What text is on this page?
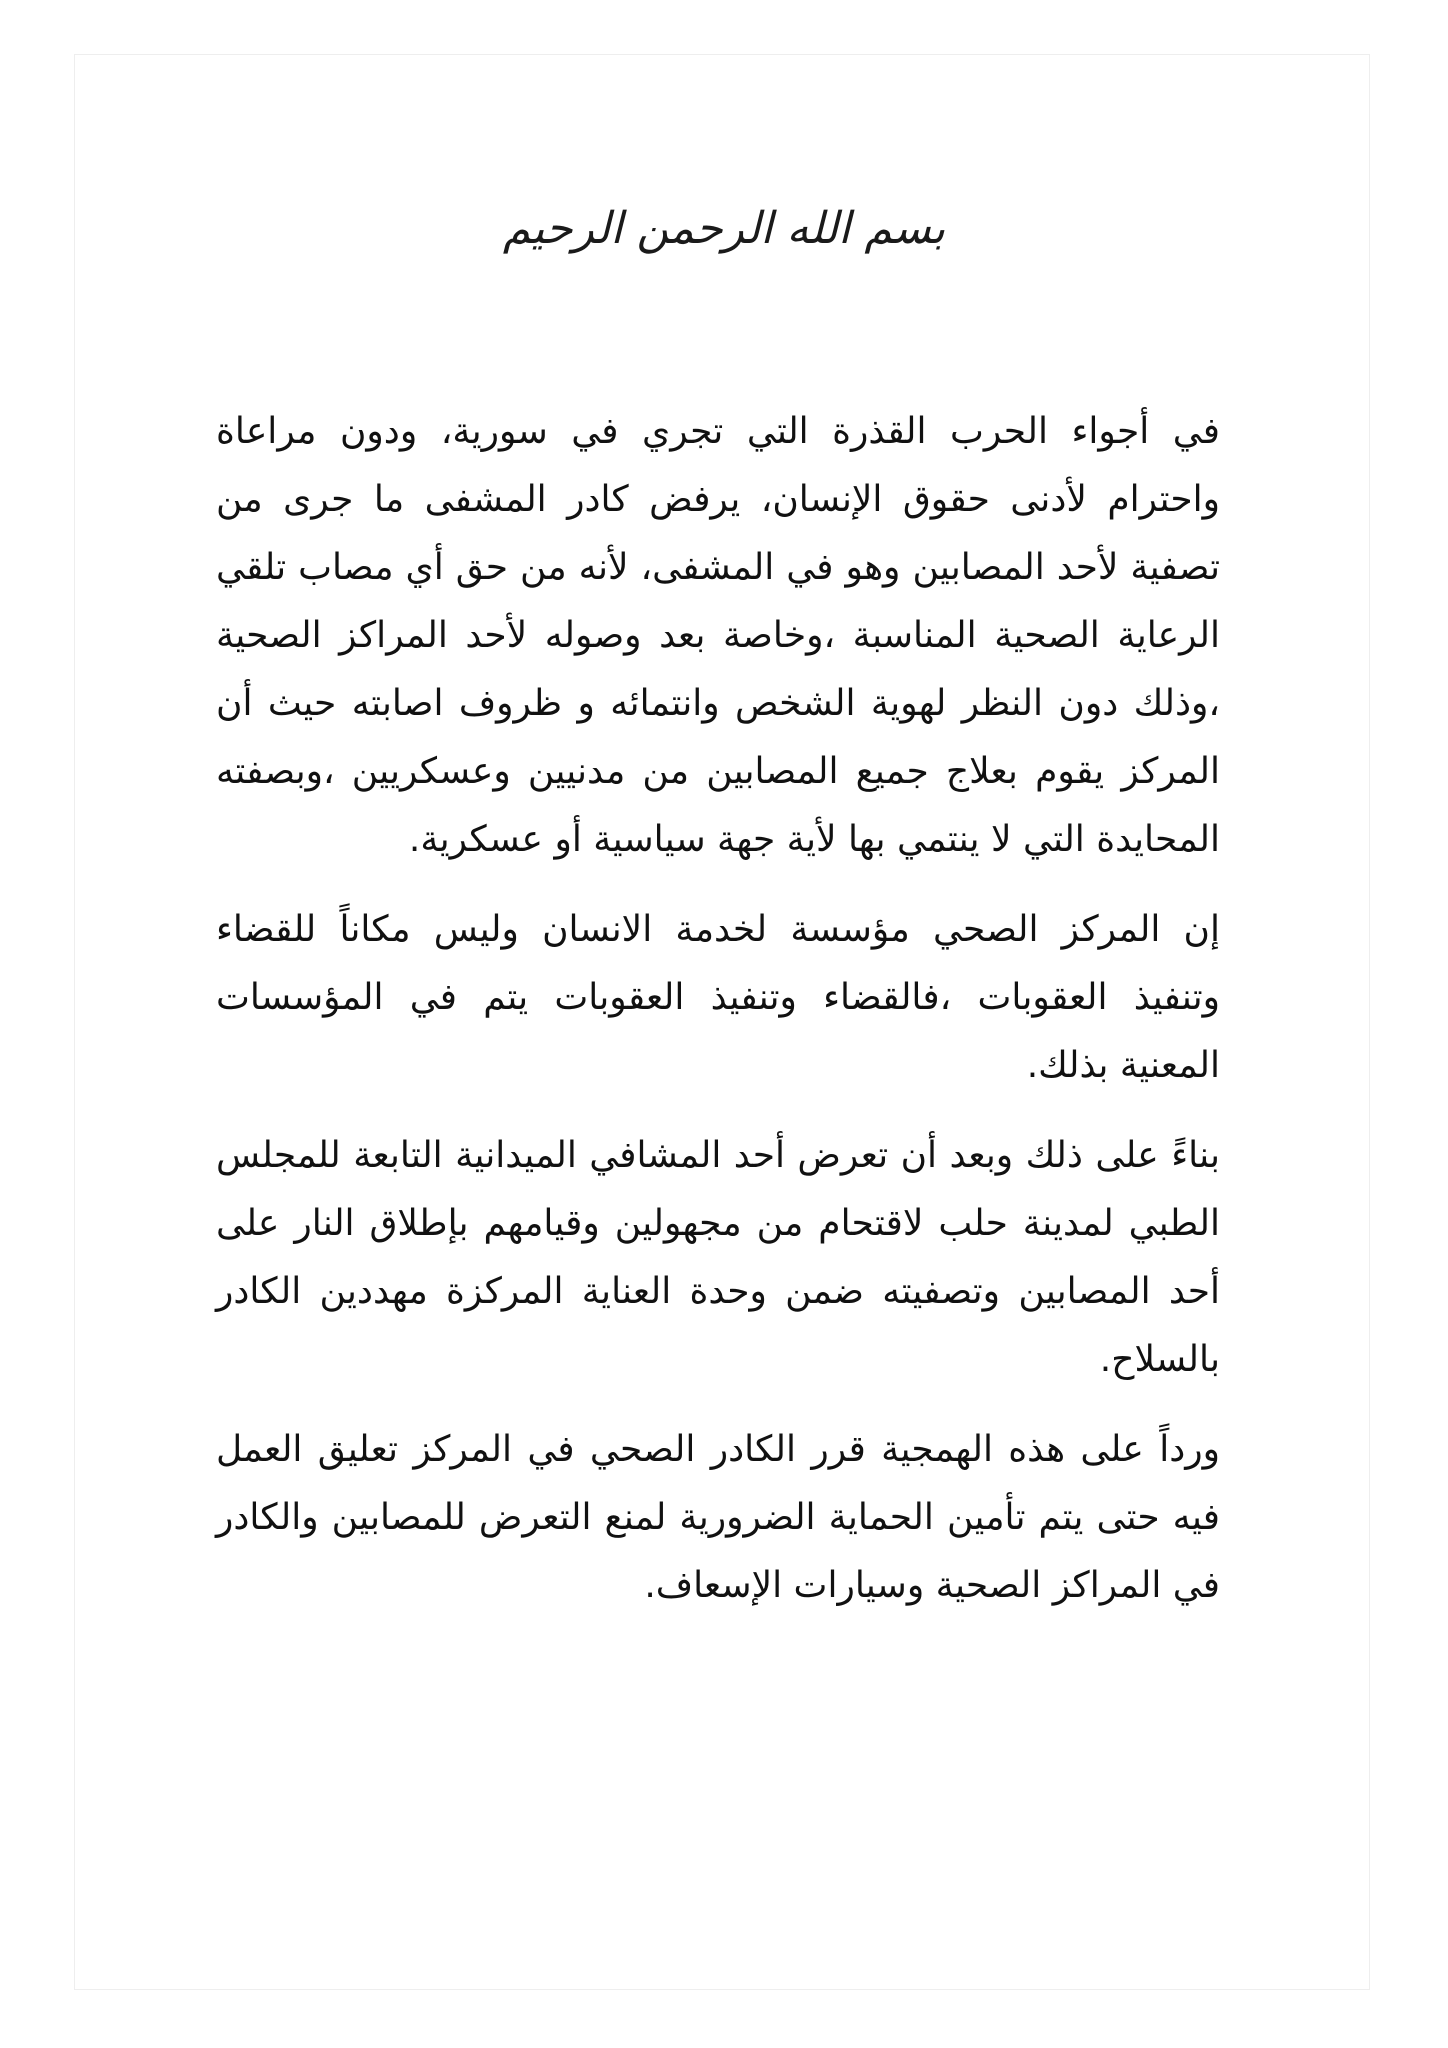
بسم الله الرحمن الرحيم

في أجواء الحرب القذرة التي تجري في سورية، ودون مراعاة واحترام لأدنى حقوق الإنسان، يرفض كادر المشفى ما جرى من تصفية لأحد المصابين وهو في المشفى، لأنه من حق أي مصاب تلقي الرعاية الصحية المناسبة ،وخاصة بعد وصوله لأحد المراكز الصحية ،وذلك دون النظر لهوية الشخص وانتمائه و ظروف اصابته حيث أن المركز يقوم بعلاج جميع المصابين من مدنيين وعسكريين ،وبصفته المحايدة التي لا ينتمي بها لأية جهة سياسية أو عسكرية.

إن المركز الصحي مؤسسة لخدمة الانسان وليس مكاناً للقضاء وتنفيذ العقوبات ،فالقضاء وتنفيذ العقوبات يتم في المؤسسات المعنية بذلك.

بناءً على ذلك وبعد أن تعرض أحد المشافي الميدانية التابعة للمجلس الطبي لمدينة حلب لاقتحام من مجهولين وقيامهم بإطلاق النار على أحد المصابين وتصفيته ضمن وحدة العناية المركزة مهددين الكادر بالسلاح.

ورداً على هذه الهمجية قرر الكادر الصحي في المركز تعليق العمل فيه حتى يتم تأمين الحماية الضرورية لمنع التعرض للمصابين والكادر في المراكز الصحية وسيارات الإسعاف.
